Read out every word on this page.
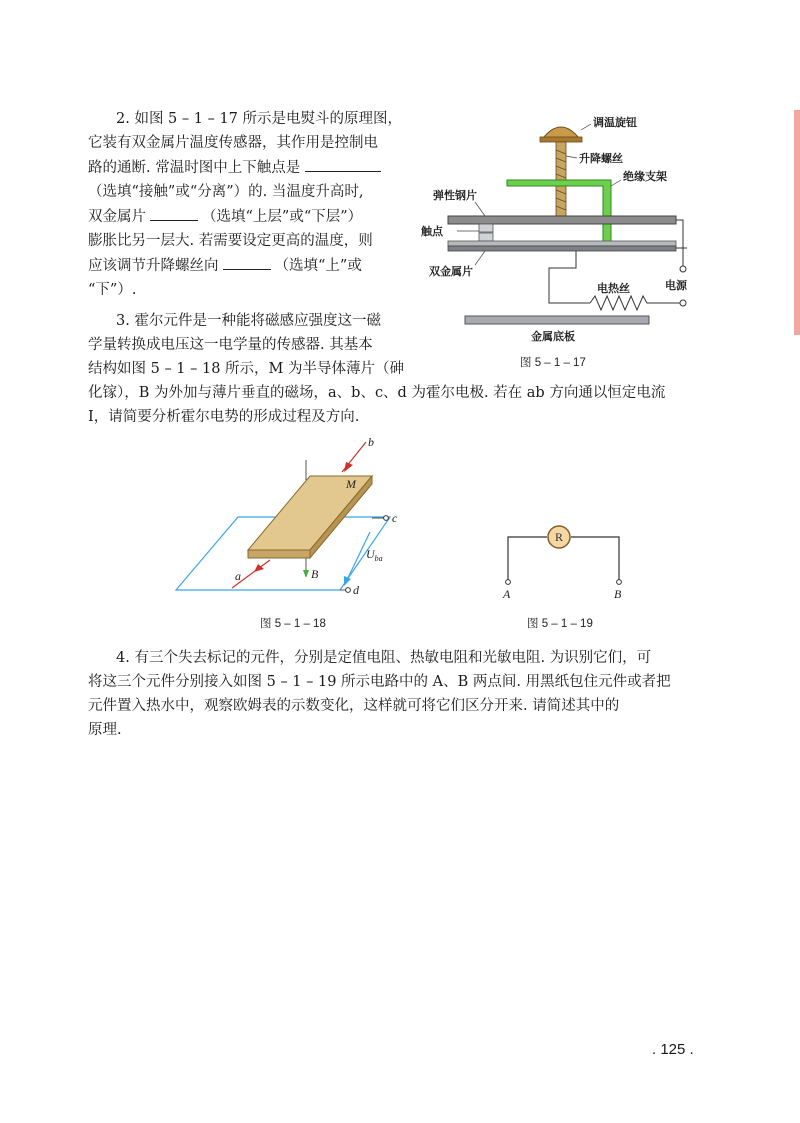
2. 如图 5 – 1 – 17 所示是电熨斗的原理图，

它装有双金属片温度传感器，其作用是控制电

路的通断. 常温时图中上下触点是

（选填“接触”或“分离”）的. 当温度升高时,

双金属片	（选填“上层”或“下层”）

膨胀比另一层大. 若需要设定更高的温度，则

应该调节升降螺丝向	（选填“上”或

“下”）.

3. 霍尔元件是一种能将磁感应强度这一磁

学量转换成电压这一电学量的传感器. 其基本

结构如图 5 – 1 – 18 所示，M 为半导体薄片（砷

化镓），B 为外加与薄片垂直的磁场，a、b、c、d 为霍尔电极. 若在 ab 方向通以恒定电流

I，请简要分析霍尔电势的形成过程及方向.

调温旋钮
升降螺丝
绝缘支架
弹性钢片
触点
双金属片
电热丝	电源
金属底板
图 5 – 1 – 17
b
M
c
d
a	B
$U_{ba}$
图 5 – 1 – 18
R
A	B
图 5 – 1 – 19

4. 有三个失去标记的元件，分别是定值电阻、热敏电阻和光敏电阻. 为识别它们，可

将这三个元件分别接入如图 5 – 1 – 19 所示电路中的 A、B 两点间. 用黑纸包住元件或者把

元件置入热水中，观察欧姆表的示数变化，这样就可将它们区分开来. 请简述其中的

原理.

. 125 .
